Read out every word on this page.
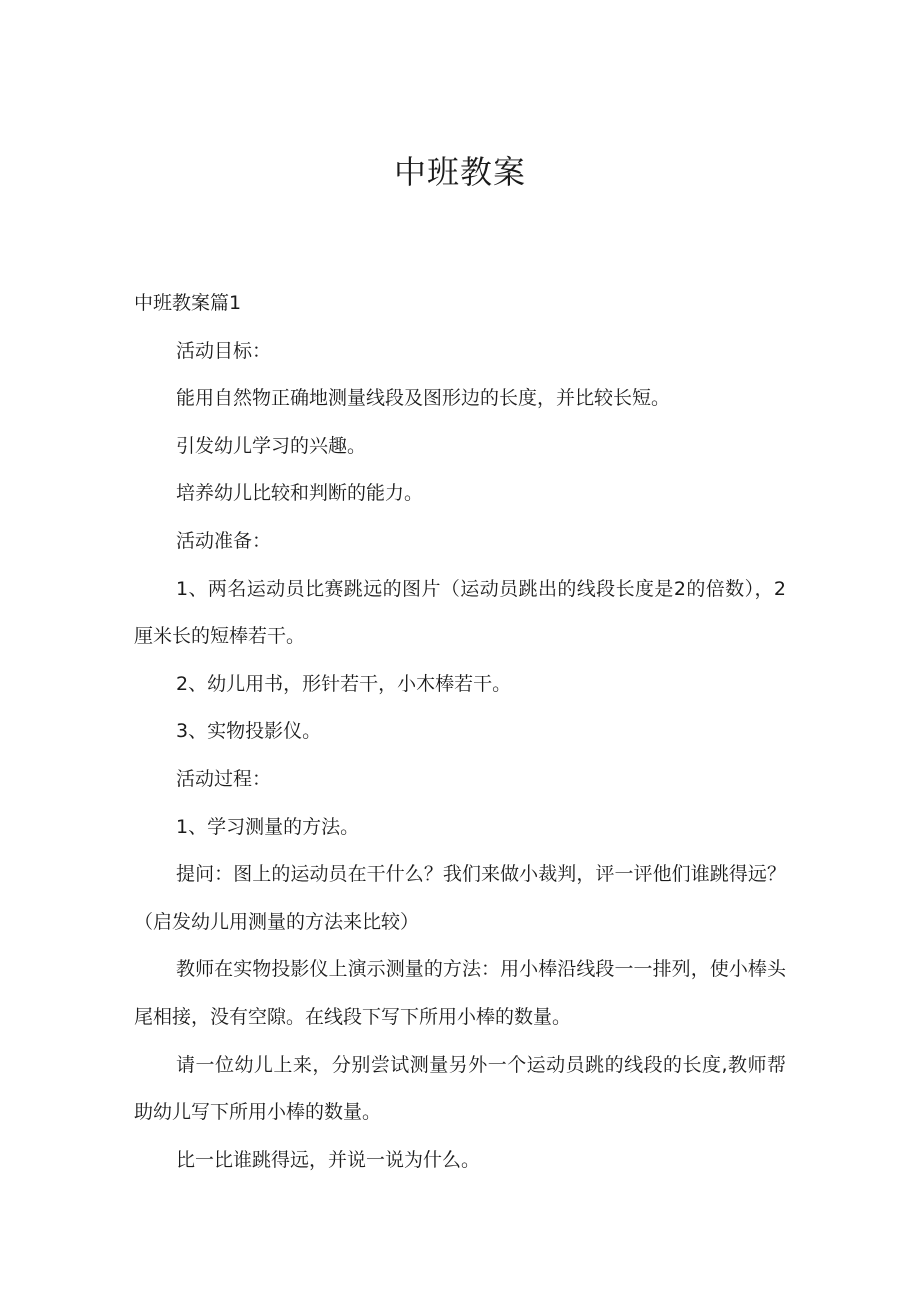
中班教案

中班教案篇1

活动目标：

能用自然物正确地测量线段及图形边的长度，并比较长短。

引发幼儿学习的兴趣。

培养幼儿比较和判断的能力。

活动准备：

1、两名运动员比赛跳远的图片（运动员跳出的线段长度是2的倍数），2厘米长的短棒若干。

2、幼儿用书，形针若干，小木棒若干。

3、实物投影仪。

活动过程：

1、学习测量的方法。

提问：图上的运动员在干什么？我们来做小裁判，评一评他们谁跳得远？（启发幼儿用测量的方法来比较）

教师在实物投影仪上演示测量的方法：用小棒沿线段一一排列，使小棒头尾相接，没有空隙。在线段下写下所用小棒的数量。

请一位幼儿上来，分别尝试测量另外一个运动员跳的线段的长度,教师帮助幼儿写下所用小棒的数量。

比一比谁跳得远，并说一说为什么。
